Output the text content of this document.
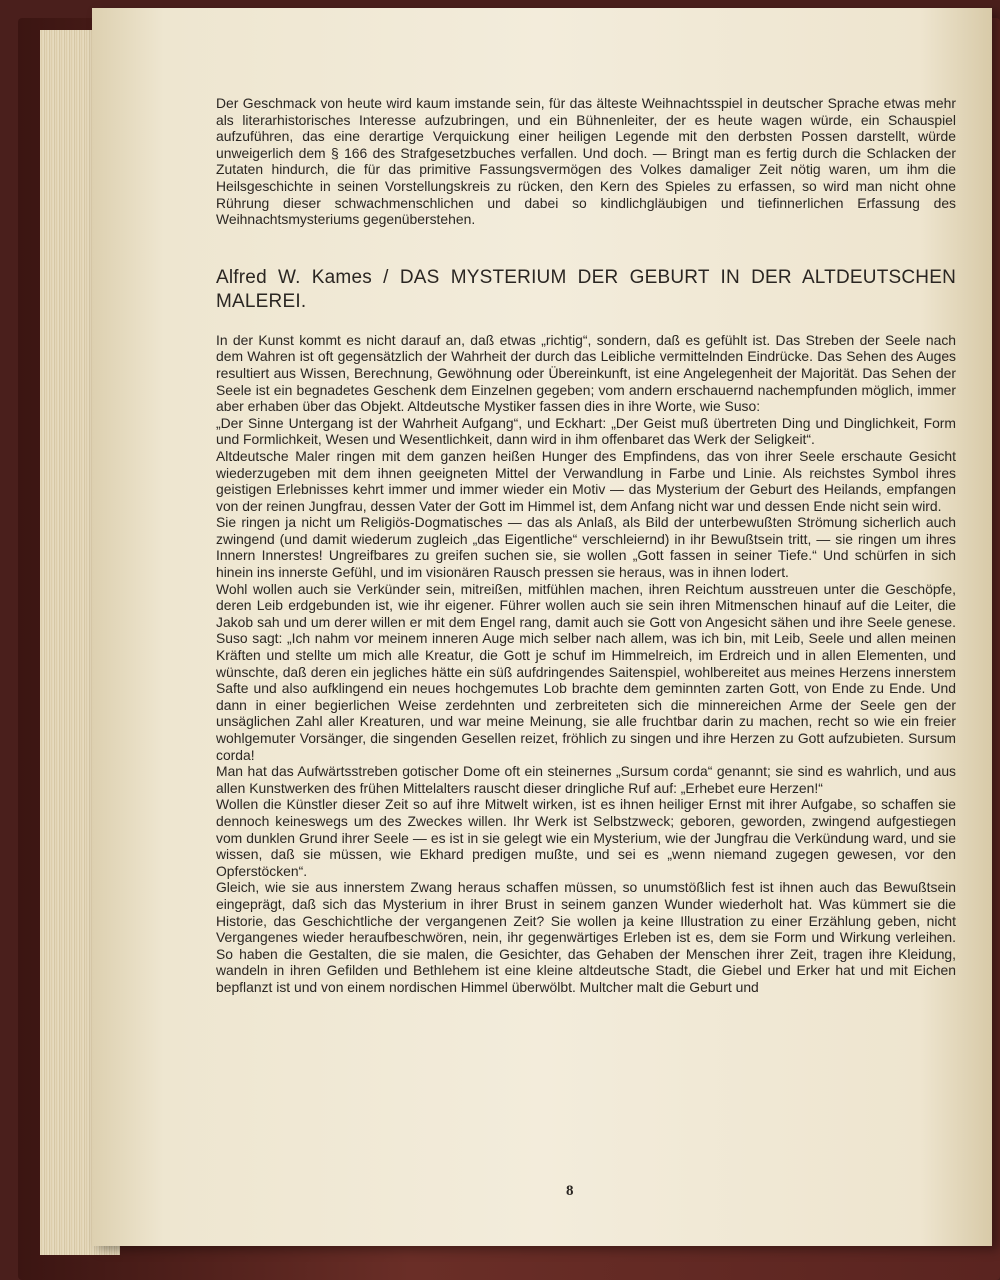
Der Geschmack von heute wird kaum imstande sein, für das älteste Weihnachtsspiel in deutscher Sprache etwas mehr als literarhistorisches Interesse aufzubringen, und ein Bühnenleiter, der es heute wagen würde, ein Schauspiel aufzuführen, das eine derartige Verquickung einer heiligen Legende mit den derbsten Possen darstellt, würde unweigerlich dem § 166 des Strafgesetzbuches verfallen. Und doch. — Bringt man es fertig durch die Schlacken der Zutaten hindurch, die für das primitive Fassungsvermögen des Volkes damaliger Zeit nötig waren, um ihm die Heilsgeschichte in seinen Vorstellungskreis zu rücken, den Kern des Spieles zu erfassen, so wird man nicht ohne Rührung dieser schwachmenschlichen und dabei so kindlichgläubigen und tiefinnerlichen Erfassung des Weihnachtsmysteriums gegenüberstehen.

Alfred W. Kames / DAS MYSTERIUM DER GEBURT IN DER ALTDEUTSCHEN MALEREI.

In der Kunst kommt es nicht darauf an, daß etwas „richtig“, sondern, daß es gefühlt ist. Das Streben der Seele nach dem Wahren ist oft gegensätzlich der Wahrheit der durch das Leibliche vermittelnden Eindrücke. Das Sehen des Auges resultiert aus Wissen, Berechnung, Gewöhnung oder Übereinkunft, ist eine Angelegenheit der Majorität. Das Sehen der Seele ist ein begnadetes Geschenk dem Einzelnen gegeben; vom andern erschauernd nachempfunden möglich, immer aber erhaben über das Objekt. Altdeutsche Mystiker fassen dies in ihre Worte, wie Suso:

„Der Sinne Untergang ist der Wahrheit Aufgang“, und Eckhart: „Der Geist muß übertreten Ding und Dinglichkeit, Form und Formlichkeit, Wesen und Wesentlichkeit, dann wird in ihm offenbaret das Werk der Seligkeit“.

Altdeutsche Maler ringen mit dem ganzen heißen Hunger des Empfindens, das von ihrer Seele erschaute Gesicht wiederzugeben mit dem ihnen geeigneten Mittel der Verwandlung in Farbe und Linie. Als reichstes Symbol ihres geistigen Erlebnisses kehrt immer und immer wieder ein Motiv — das Mysterium der Geburt des Heilands, empfangen von der reinen Jungfrau, dessen Vater der Gott im Himmel ist, dem Anfang nicht war und dessen Ende nicht sein wird.

Sie ringen ja nicht um Religiös-Dogmatisches — das als Anlaß, als Bild der unterbewußten Strömung sicherlich auch zwingend (und damit wiederum zugleich „das Eigentliche“ verschleiernd) in ihr Bewußtsein tritt, — sie ringen um ihres Innern Innerstes! Ungreifbares zu greifen suchen sie, sie wollen „Gott fassen in seiner Tiefe.“ Und schürfen in sich hinein ins innerste Gefühl, und im visionären Rausch pressen sie heraus, was in ihnen lodert.

Wohl wollen auch sie Verkünder sein, mitreißen, mitfühlen machen, ihren Reichtum ausstreuen unter die Geschöpfe, deren Leib erdgebunden ist, wie ihr eigener. Führer wollen auch sie sein ihren Mitmenschen hinauf auf die Leiter, die Jakob sah und um derer willen er mit dem Engel rang, damit auch sie Gott von Angesicht sähen und ihre Seele genese. Suso sagt: „Ich nahm vor meinem inneren Auge mich selber nach allem, was ich bin, mit Leib, Seele und allen meinen Kräften und stellte um mich alle Kreatur, die Gott je schuf im Himmelreich, im Erdreich und in allen Elementen, und wünschte, daß deren ein jegliches hätte ein süß aufdringendes Saitenspiel, wohlbereitet aus meines Herzens innerstem Safte und also aufklingend ein neues hochgemutes Lob brachte dem geminnten zarten Gott, von Ende zu Ende. Und dann in einer begierlichen Weise zerdehnten und zerbreiteten sich die minnereichen Arme der Seele gen der unsäglichen Zahl aller Kreaturen, und war meine Meinung, sie alle fruchtbar darin zu machen, recht so wie ein freier wohlgemuter Vorsänger, die singenden Gesellen reizet, fröhlich zu singen und ihre Herzen zu Gott aufzubieten. Sursum corda!

Man hat das Aufwärtsstreben gotischer Dome oft ein steinernes „Sursum corda“ genannt; sie sind es wahrlich, und aus allen Kunstwerken des frühen Mittelalters rauscht dieser dringliche Ruf auf: „Erhebet eure Herzen!“

Wollen die Künstler dieser Zeit so auf ihre Mitwelt wirken, ist es ihnen heiliger Ernst mit ihrer Aufgabe, so schaffen sie dennoch keineswegs um des Zweckes willen. Ihr Werk ist Selbstzweck; geboren, geworden, zwingend aufgestiegen vom dunklen Grund ihrer Seele — es ist in sie gelegt wie ein Mysterium, wie der Jungfrau die Verkündung ward, und sie wissen, daß sie müssen, wie Ekhard predigen mußte, und sei es „wenn niemand zugegen gewesen, vor den Opferstöcken“.

Gleich, wie sie aus innerstem Zwang heraus schaffen müssen, so unumstößlich fest ist ihnen auch das Bewußtsein eingeprägt, daß sich das Mysterium in ihrer Brust in seinem ganzen Wunder wiederholt hat. Was kümmert sie die Historie, das Geschichtliche der vergangenen Zeit? Sie wollen ja keine Illustration zu einer Erzählung geben, nicht Vergangenes wieder heraufbeschwören, nein, ihr gegenwärtiges Erleben ist es, dem sie Form und Wirkung verleihen. So haben die Gestalten, die sie malen, die Gesichter, das Gehaben der Menschen ihrer Zeit, tragen ihre Kleidung, wandeln in ihren Gefilden und Bethlehem ist eine kleine altdeutsche Stadt, die Giebel und Erker hat und mit Eichen bepflanzt ist und von einem nordischen Himmel überwölbt. Multcher malt die Geburt und

8
